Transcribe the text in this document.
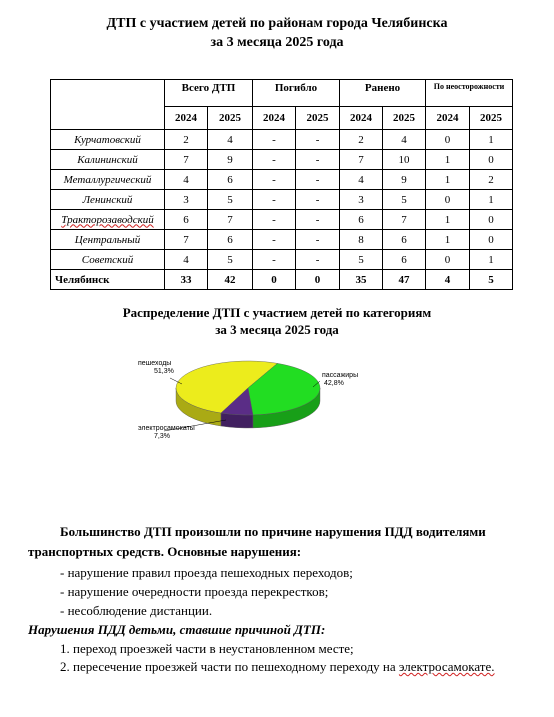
ДТП с участием детей по районам города Челябинска
за 3 месяца 2025 года
	Всего ДТП		Погибло		Ранено		По неосторожности	
	2024	2025	2024	2025	2024	2025	2024	2025
Курчатовский	2	4	-	-	2	4	0	1
Калининский	7	9	-	-	7	10	1	0
Металлургический	4	6	-	-	4	9	1	2
Ленинский	3	5	-	-	3	5	0	1
Тракторозаводский	6	7	-	-	6	7	1	0
Центральный	7	6	-	-	8	6	1	0
Советский	4	5	-	-	5	6	0	1
Челябинск	33	42	0	0	35	47	4	5
Распределение ДТП с участием детей по категориям
за 3 месяца 2025 года
пешеходы
51,3%
пассажиры
42,8%
электросамокаты
7,3%
Большинство ДТП произошли по причине нарушения ПДД водителями
транспортных средств. Основные нарушения:
- нарушение правил проезда пешеходных переходов;
- нарушение очередности проезда перекрестков;
- несоблюдение дистанции.
Нарушения ПДД детьми, ставшие причиной ДТП:
1. переход проезжей части в неустановленном месте;
2. пересечение проезжей части по пешеходному переходу на электросамокате.
